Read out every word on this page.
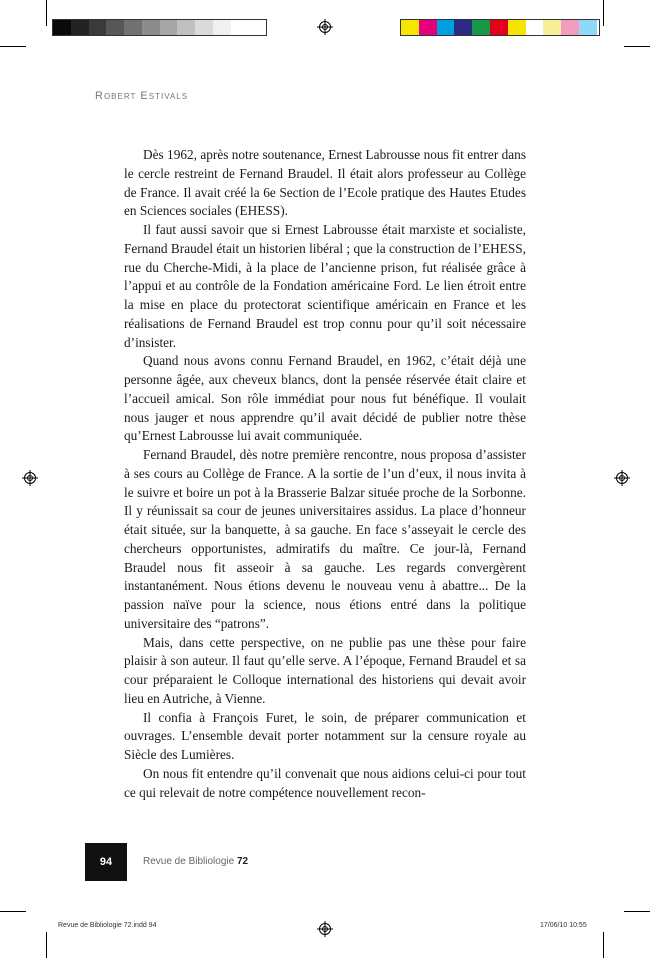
Robert Estivals

Dès 1962, après notre soutenance, Ernest Labrousse nous fit entrer dans le cercle restreint de Fernand Braudel. Il était alors professeur au Collège de France. Il avait créé la 6e Section de l’Ecole pratique des Hautes Etudes en Sciences sociales (EHESS).

Il faut aussi savoir que si Ernest Labrousse était marxiste et socialiste, Fernand Braudel était un historien libéral ; que la construction de l’EHESS, rue du Cherche-Midi, à la place de l’ancienne prison, fut réalisée grâce à l’appui et au contrôle de la Fondation américaine Ford. Le lien étroit entre la mise en place du protectorat scientifique américain en France et les réalisations de Fernand Braudel est trop connu pour qu’il soit nécessaire d’insister.

Quand nous avons connu Fernand Braudel, en 1962, c’était déjà une personne âgée, aux cheveux blancs, dont la pensée réservée était claire et l’accueil amical. Son rôle immédiat pour nous fut bénéfique. Il voulait nous jauger et nous apprendre qu’il avait décidé de publier notre thèse qu’Ernest Labrousse lui avait communiquée.

Fernand Braudel, dès notre première rencontre, nous proposa d’assister à ses cours au Collège de France. A la sortie de l’un d’eux, il nous invita à le suivre et boire un pot à la Brasserie Balzar située proche de la Sorbonne. Il y réunissait sa cour de jeunes universitaires assidus. La place d’honneur était située, sur la banquette, à sa gauche. En face s’asseyait le cercle des chercheurs opportunistes, admiratifs du maître. Ce jour-là, Fernand Braudel nous fit asseoir à sa gauche. Les regards convergèrent instantanément. Nous étions devenu le nouveau venu à abattre... De la passion naïve pour la science, nous étions entré dans la politique universitaire des “patrons”.

Mais, dans cette perspective, on ne publie pas une thèse pour faire plaisir à son auteur. Il faut qu’elle serve. A l’époque, Fernand Braudel et sa cour préparaient le Colloque international des historiens qui devait avoir lieu en Autriche, à Vienne.

Il confia à François Furet, le soin, de préparer communication et ouvrages. L’ensemble devait porter notamment sur la censure royale au Siècle des Lumières.

On nous fit entendre qu’il convenait que nous aidions celui-ci pour tout ce qui relevait de notre compétence nouvellement recon-

94	Revue de Bibliologie 72
Revue de Bibliologie 72.indd 94	17/06/10 10:55
